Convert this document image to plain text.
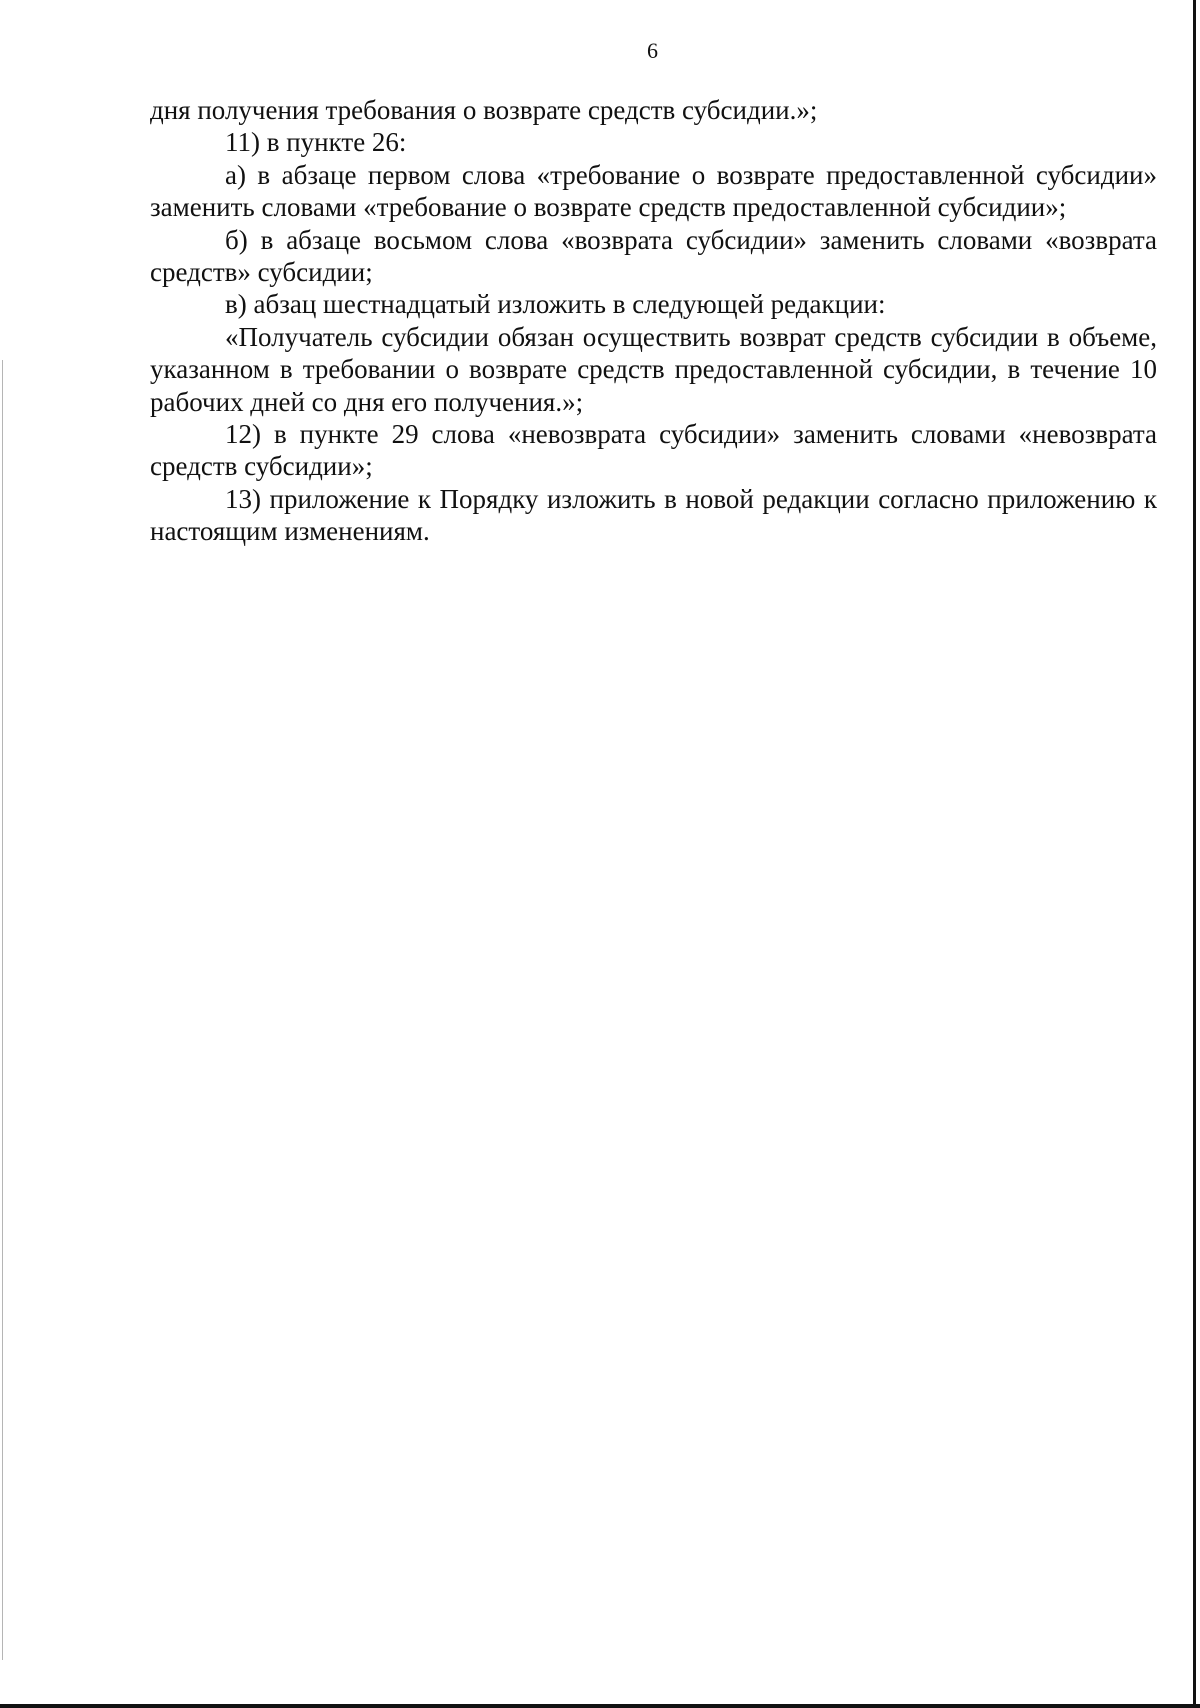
6

дня получения требования о возврате средств субсидии.»;

11) в пункте 26:

а) в абзаце первом слова «требование о возврате предоставленной субсидии» заменить словами «требование о возврате средств предоставленной субсидии»;

б) в абзаце восьмом слова «возврата субсидии» заменить словами «возврата средств» субсидии;

в) абзац шестнадцатый изложить в следующей редакции:

«Получатель субсидии обязан осуществить возврат средств субсидии в объеме, указанном в требовании о возврате средств предоставленной субсидии, в течение 10 рабочих дней со дня его получения.»;

12) в пункте 29 слова «невозврата субсидии» заменить словами «невозврата средств субсидии»;

13) приложение к Порядку изложить в новой редакции согласно приложению к настоящим изменениям.
